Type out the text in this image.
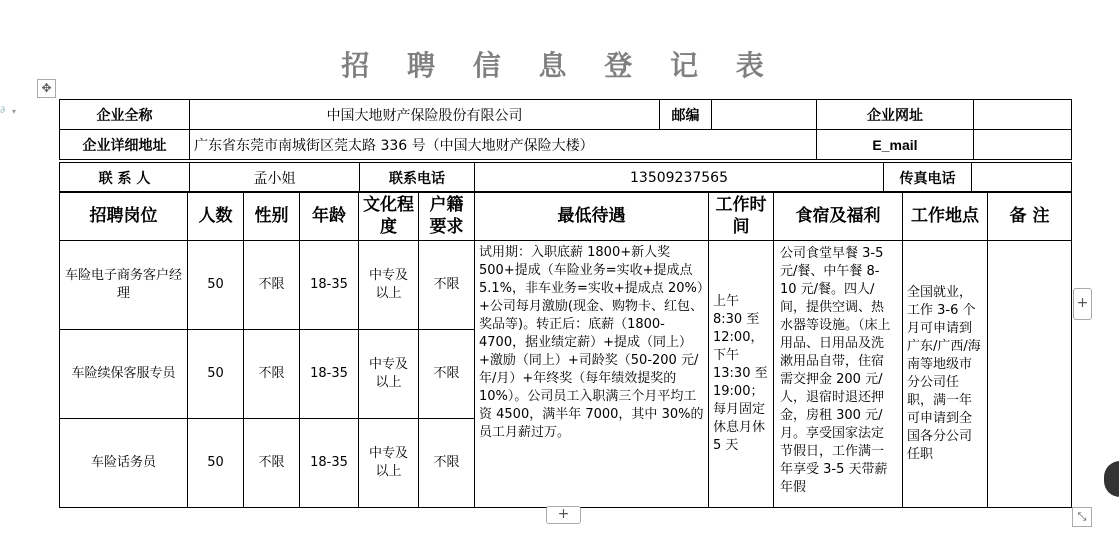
招 聘 信 息 登 记 表
✥
∂ ▾	企业全称	中国大地财产保险股份有限公司	邮编		企业网址	
企业详细地址	广东省东莞市南城街区莞太路 336 号（中国大地财产保险大楼）			E_mail	
联 系 人	孟小姐	联系电话	13509237565	传真电话	
招聘岗位	人数	性别	年龄	文化程度	户籍要求	最低待遇	工作时间	食宿及福利	工作地点	备 注
车险电子商务客户经理	50	不限	18-35	中专及以上	不限	试用期：入职底薪 1800+新人奖 500+提成（车险业务=实收+提成点 5.1%，非车业务=实收+提成点 20%）+公司每月激励(现金、购物卡、红包、奖品等)。转正后：底薪（1800-4700，据业绩定薪）+提成（同上）+激励（同上）+司龄奖（50-200 元/年/月）+年终奖（每年绩效提奖的 10%）。公司员工入职满三个月平均工资 4500，满半年 7000，其中 30%的员工月薪过万。	上午 8:30 至 12:00，下午 13:30 至 19:00；每月固定休息月休 5 天	公司食堂早餐 3-5 元/餐、中午餐 8-10 元/餐。四人/间，提供空调、热水器等设施。（床上用品、日用品及洗漱用品自带，住宿需交押金 200 元/人，退宿时退还押金，房租 300 元/月。享受国家法定节假日，工作满一年享受 3-5 天带薪年假	全国就业，工作 3-6 个月可申请到广东/广西/海南等地级市分公司任职，满一年可申请到全国各分公司任职	
车险续保客服专员	50	不限	18-35	中专及以上	不限					
车险话务员	50	不限	18-35	中专及以上	不限					
+
+	⤡
